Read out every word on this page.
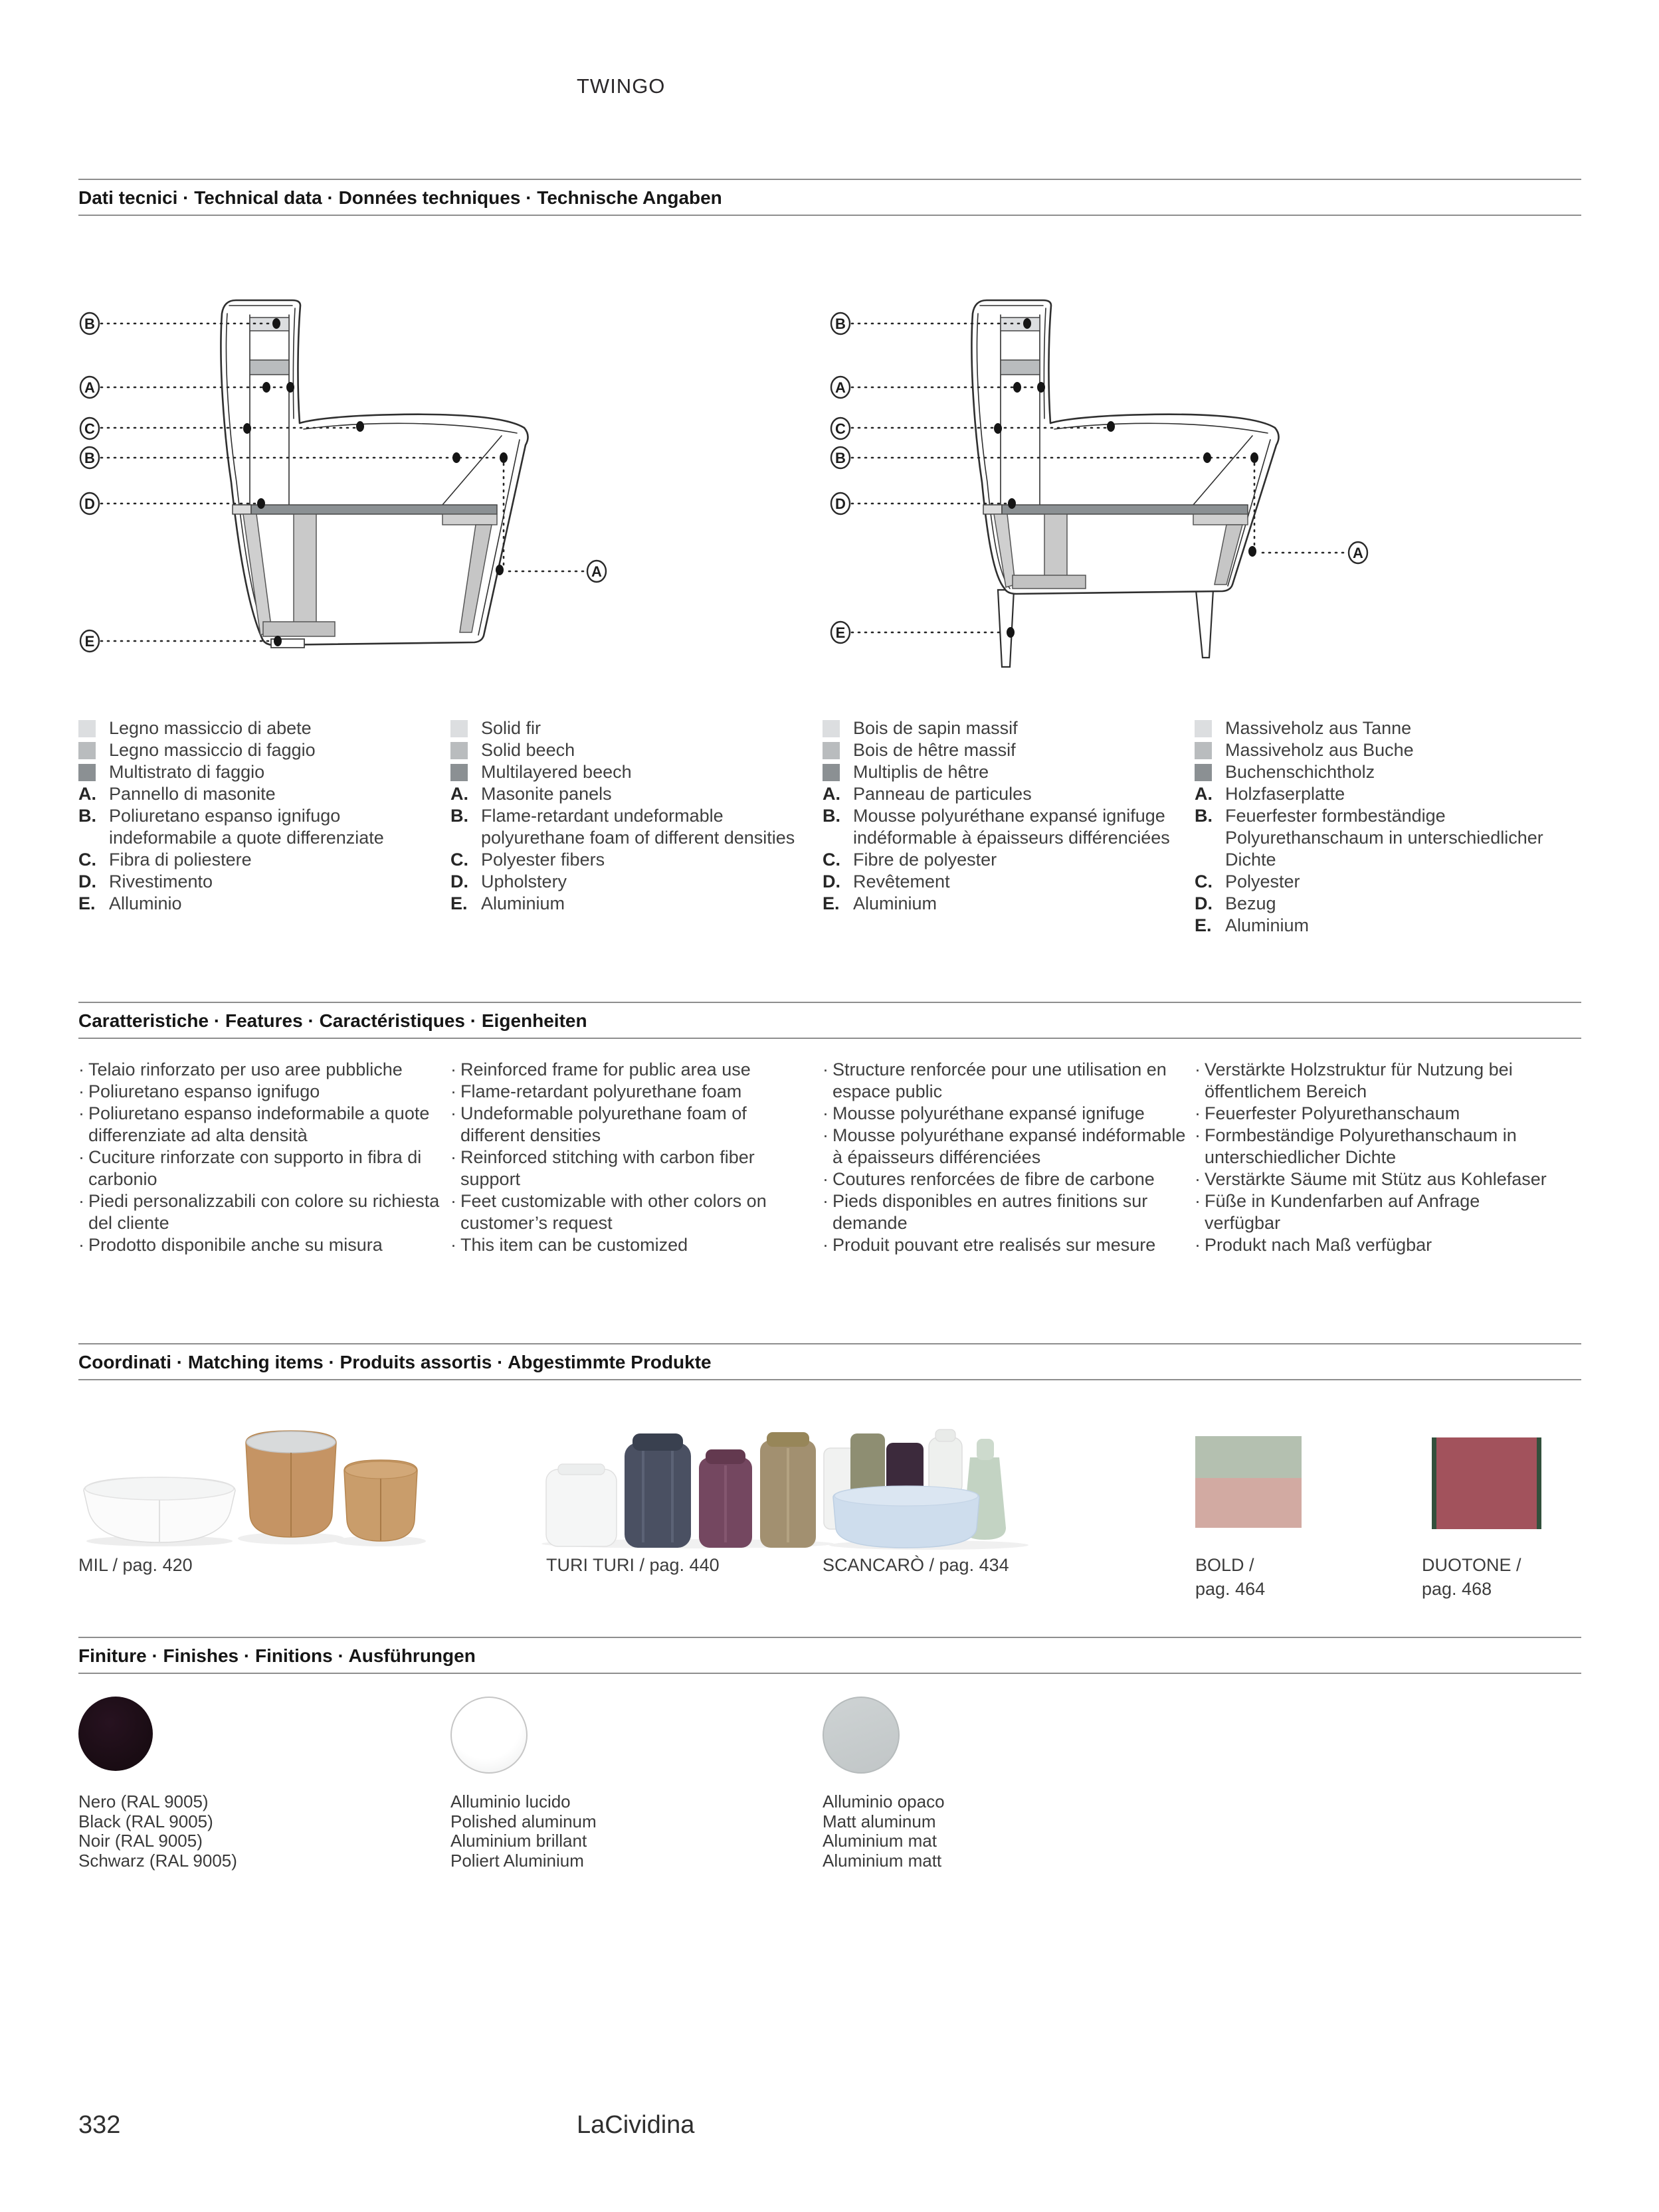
TWINGO
Dati tecnici · Technical data · Données techniques · Technische Angaben
B
A
C
B
D
E
A
B
A
C
B
D
E
A
Legno massiccio di abete
Legno massiccio di faggio
Multistrato di faggio
A. Pannello di masonite
B. Poliuretano espanso ignifugo indeformabile a quote differenziate
C. Fibra di poliestere
D. Rivestimento
E. Alluminio
Solid fir
Solid beech
Multilayered beech
A. Masonite panels
B. Flame-retardant undeformable polyurethane foam of different densities
C. Polyester fibers
D. Upholstery
E. Aluminium
Bois de sapin massif
Bois de hêtre massif
Multiplis de hêtre
A. Panneau de particules
B. Mousse polyuréthane expansé ignifuge indéformable à épaisseurs différenciées
C. Fibre de polyester
D. Revêtement
E. Aluminium
Massiveholz aus Tanne
Massiveholz aus Buche
Buchenschichtholz
A. Holzfaserplatte
B. Feuerfester formbeständige Polyurethanschaum in unterschiedlicher Dichte
C. Polyester
D. Bezug
E. Aluminium
Caratteristiche · Features · Caractéristiques · Eigenheiten
· Telaio rinforzato per uso aree pubbliche
· Poliuretano espanso ignifugo
· Poliuretano espanso indeformabile a quote differenziate ad alta densità
· Cuciture rinforzate con supporto in fibra di carbonio
· Piedi personalizzabili con colore su richiesta del cliente
· Prodotto disponibile anche su misura
· Reinforced frame for public area use
· Flame-retardant polyurethane foam
· Undeformable polyurethane foam of different densities
· Reinforced stitching with carbon fiber support
· Feet customizable with other colors on customer’s request
· This item can be customized
· Structure renforcée pour une utilisation en espace public
· Mousse polyuréthane expansé ignifuge
· Mousse polyuréthane expansé indéformable à épaisseurs différenciées
· Coutures renforcées de fibre de carbone
· Pieds disponibles en autres finitions sur demande
· Produit pouvant etre realisés sur mesure
· Verstärkte Holzstruktur für Nutzung bei öffentlichem Bereich
· Feuerfester Polyurethanschaum
· Formbeständige Polyurethanschaum in unterschiedlicher Dichte
· Verstärkte Säume mit Stütz aus Kohlefaser
· Füße in Kundenfarben auf Anfrage verfügbar
· Produkt nach Maß verfügbar
Coordinati · Matching items · Produits assortis · Abgestimmte Produkte
MIL / pag. 420	TURI TURI / pag. 440	SCANCARÒ / pag. 434	BOLD /
pag. 464
DUOTONE /
pag. 468
Finiture · Finishes · Finitions · Ausführungen
Nero (RAL 9005)
Black (RAL 9005)
Noir (RAL 9005)
Schwarz (RAL 9005)
Alluminio lucido
Polished aluminum
Aluminium brillant
Poliert Aluminium
Alluminio opaco
Matt aluminum
Aluminium mat
Aluminium matt
332	LaCividina
